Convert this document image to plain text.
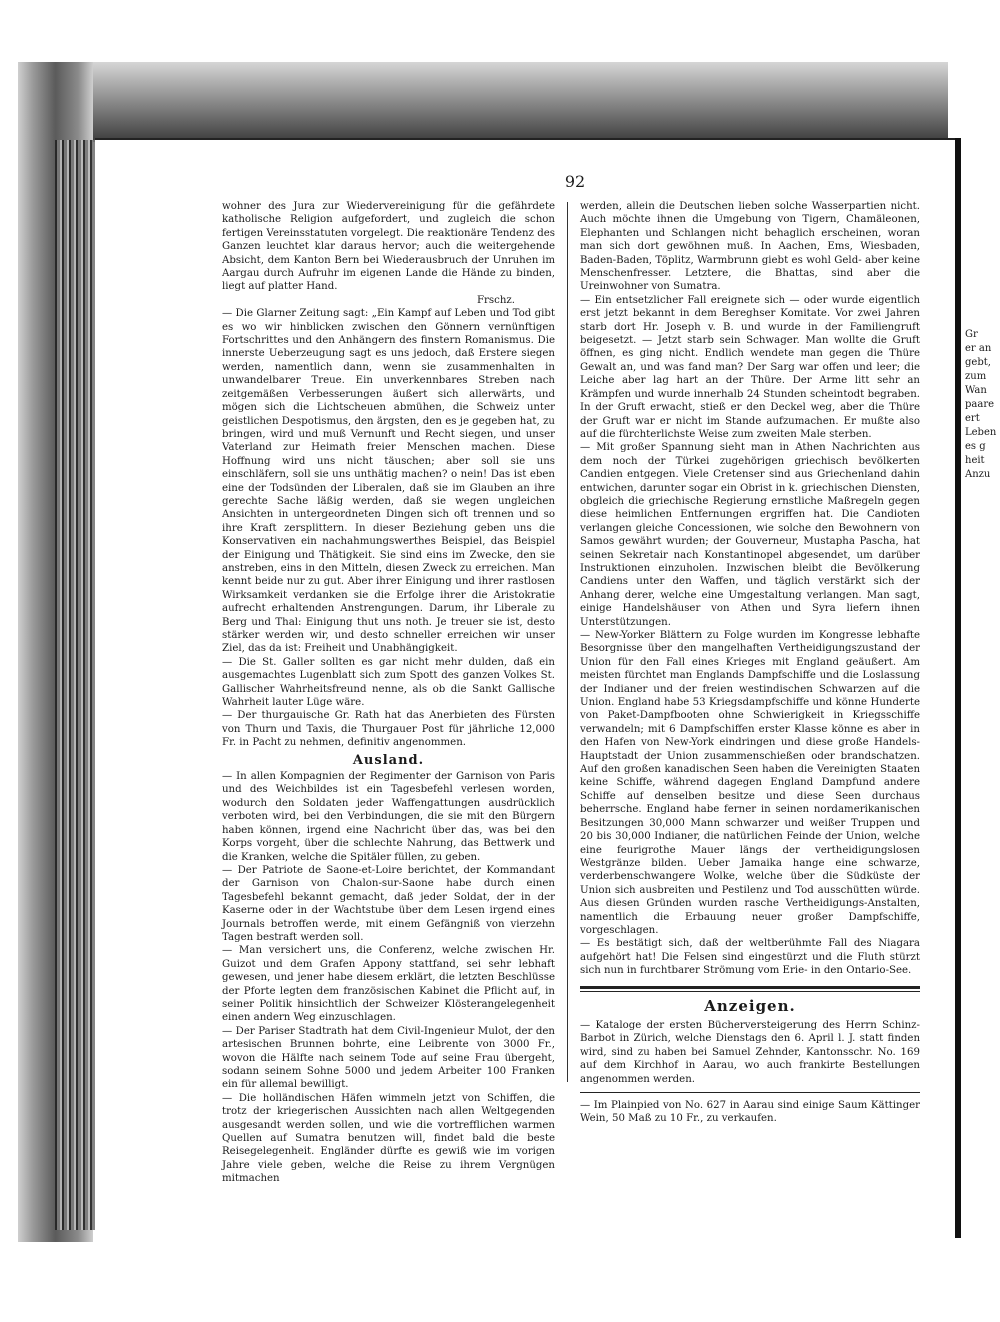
Gr
er an
gebt,
zum
Wan
paare
ert
Leben
es g
heit
Anzu
92

wohner des Jura zur Wiedervereinigung für die gefährdete katholische Religion aufgefordert, und zugleich die schon fertigen Vereinsstatuten vorgelegt. Die reaktionäre Tendenz des Ganzen leuchtet klar daraus hervor; auch die weitergehende Absicht, dem Kanton Bern bei Wiederausbruch der Unruhen im Aargau durch Aufruhr im eigenen Lande die Hände zu binden, liegt auf platter Hand.

Frschz.

— Die Glarner Zeitung sagt: „Ein Kampf auf Leben und Tod gibt es wo wir hinblicken zwischen den Gönnern vernünftigen Fortschrittes und den Anhängern des finstern Romanismus. Die innerste Ueberzeugung sagt es uns jedoch, daß Erstere siegen werden, namentlich dann, wenn sie zusammenhalten in unwandelbarer Treue. Ein unverkennbares Streben nach zeitgemäßen Verbesserungen äußert sich allerwärts, und mögen sich die Lichtscheuen abmühen, die Schweiz unter geistlichen Despotismus, den ärgsten, den es je gegeben hat, zu bringen, wird und muß Vernunft und Recht siegen, und unser Vaterland zur Heimath freier Menschen machen. Diese Hoffnung wird uns nicht täuschen; aber soll sie uns einschläfern, soll sie uns unthätig machen? o nein! Das ist eben eine der Todsünden der Liberalen, daß sie im Glauben an ihre gerechte Sache läßig werden, daß sie wegen ungleichen Ansichten in untergeordneten Dingen sich oft trennen und so ihre Kraft zersplittern. In dieser Beziehung geben uns die Konservativen ein nachahmungswerthes Beispiel, das Beispiel der Einigung und Thätigkeit. Sie sind eins im Zwecke, den sie anstreben, eins in den Mitteln, diesen Zweck zu erreichen. Man kennt beide nur zu gut. Aber ihrer Einigung und ihrer rastlosen Wirksamkeit verdanken sie die Erfolge ihrer die Aristokratie aufrecht erhaltenden Anstrengungen. Darum, ihr Liberale zu Berg und Thal: Einigung thut uns noth. Je treuer sie ist, desto stärker werden wir, und desto schneller erreichen wir unser Ziel, das da ist: Freiheit und Unabhängigkeit.

— Die St. Galler sollten es gar nicht mehr dulden, daß ein ausgemachtes Lugenblatt sich zum Spott des ganzen Volkes St. Gallischer Wahrheitsfreund nenne, als ob die Sankt Gallische Wahrheit lauter Lüge wäre.

— Der thurgauische Gr. Rath hat das Anerbieten des Fürsten von Thurn und Taxis, die Thurgauer Post für jährliche 12,000 Fr. in Pacht zu nehmen, definitiv angenommen.

Ausland.

— In allen Kompagnien der Regimenter der Garnison von Paris und des Weichbildes ist ein Tagesbefehl verlesen worden, wodurch den Soldaten jeder Waffengattungen ausdrücklich verboten wird, bei den Verbindungen, die sie mit den Bürgern haben können, irgend eine Nachricht über das, was bei den Korps vorgeht, über die schlechte Nahrung, das Bettwerk und die Kranken, welche die Spitäler füllen, zu geben.

— Der Patriote de Saone-et-Loire berichtet, der Kommandant der Garnison von Chalon-sur-Saone habe durch einen Tagesbefehl bekannt gemacht, daß jeder Soldat, der in der Kaserne oder in der Wachtstube über dem Lesen irgend eines Journals betroffen werde, mit einem Gefängniß von vierzehn Tagen bestraft werden soll.

— Man versichert uns, die Conferenz, welche zwischen Hr. Guizot und dem Grafen Appony stattfand, sei sehr lebhaft gewesen, und jener habe diesem erklärt, die letzten Beschlüsse der Pforte legten dem französischen Kabinet die Pflicht auf, in seiner Politik hinsichtlich der Schweizer Klösterangelegenheit einen andern Weg einzuschlagen.

— Der Pariser Stadtrath hat dem Civil-Ingenieur Mulot, der den artesischen Brunnen bohrte, eine Leibrente von 3000 Fr., wovon die Hälfte nach seinem Tode auf seine Frau übergeht, sodann seinem Sohne 5000 und jedem Arbeiter 100 Franken ein für allemal bewilligt.

— Die holländischen Häfen wimmeln jetzt von Schiffen, die trotz der kriegerischen Aussichten nach allen Weltgegenden ausgesandt werden sollen, und wie die vortrefflichen warmen Quellen auf Sumatra benutzen will, findet bald die beste Reisegelegenheit. Engländer dürfte es gewiß wie im vorigen Jahre viele geben, welche die Reise zu ihrem Vergnügen mitmachen

werden, allein die Deutschen lieben solche Wasserpartien nicht. Auch möchte ihnen die Umgebung von Tigern, Chamäleonen, Elephanten und Schlangen nicht behaglich erscheinen, woran man sich dort gewöhnen muß. In Aachen, Ems, Wiesbaden, Baden-Baden, Töplitz, Warmbrunn giebt es wohl Geld- aber keine Menschenfresser. Letztere, die Bhattas, sind aber die Ureinwohner von Sumatra.

— Ein entsetzlicher Fall ereignete sich — oder wurde eigentlich erst jetzt bekannt in dem Bereghser Komitate. Vor zwei Jahren starb dort Hr. Joseph v. B. und wurde in der Familiengruft beigesetzt. — Jetzt starb sein Schwager. Man wollte die Gruft öffnen, es ging nicht. Endlich wendete man gegen die Thüre Gewalt an, und was fand man? Der Sarg war offen und leer; die Leiche aber lag hart an der Thüre. Der Arme litt sehr an Krämpfen und wurde innerhalb 24 Stunden scheintodt begraben. In der Gruft erwacht, stieß er den Deckel weg, aber die Thüre der Gruft war er nicht im Stande aufzumachen. Er mußte also auf die fürchterlichste Weise zum zweiten Male sterben.

— Mit großer Spannung sieht man in Athen Nachrichten aus dem noch der Türkei zugehörigen griechisch bevölkerten Candien entgegen. Viele Cretenser sind aus Griechenland dahin entwichen, darunter sogar ein Obrist in k. griechischen Diensten, obgleich die griechische Regierung ernstliche Maßregeln gegen diese heimlichen Entfernungen ergriffen hat. Die Candioten verlangen gleiche Concessionen, wie solche den Bewohnern von Samos gewährt wurden; der Gouverneur, Mustapha Pascha, hat seinen Sekretair nach Konstantinopel abgesendet, um darüber Instruktionen einzuholen. Inzwischen bleibt die Bevölkerung Candiens unter den Waffen, und täglich verstärkt sich der Anhang derer, welche eine Umgestaltung verlangen. Man sagt, einige Handelshäuser von Athen und Syra liefern ihnen Unterstützungen.

— New-Yorker Blättern zu Folge wurden im Kongresse lebhafte Besorgnisse über den mangelhaften Vertheidigungszustand der Union für den Fall eines Krieges mit England geäußert. Am meisten fürchtet man Englands Dampfschiffe und die Loslassung der Indianer und der freien westindischen Schwarzen auf die Union. England habe 53 Kriegsdampfschiffe und könne Hunderte von Paket-Dampfbooten ohne Schwierigkeit in Kriegsschiffe verwandeln; mit 6 Dampfschiffen erster Klasse könne es aber in den Hafen von New-York eindringen und diese große Handels-Hauptstadt der Union zusammenschießen oder brandschatzen. Auf den großen kanadischen Seen haben die Vereinigten Staaten keine Schiffe, während dagegen England Dampfund andere Schiffe auf denselben besitze und diese Seen durchaus beherrsche. England habe ferner in seinen nordamerikanischen Besitzungen 30,000 Mann schwarzer und weißer Truppen und 20 bis 30,000 Indianer, die natürlichen Feinde der Union, welche eine feurigrothe Mauer längs der vertheidigungslosen Westgränze bilden. Ueber Jamaika hange eine schwarze, verderbenschwangere Wolke, welche über die Südküste der Union sich ausbreiten und Pestilenz und Tod ausschütten würde. Aus diesen Gründen wurden rasche Vertheidigungs-Anstalten, namentlich die Erbauung neuer großer Dampfschiffe, vorgeschlagen.

— Es bestätigt sich, daß der weltberühmte Fall des Niagara aufgehört hat! Die Felsen sind eingestürzt und die Fluth stürzt sich nun in furchtbarer Strömung vom Erie- in den Ontario-See.

Anzeigen.

— Kataloge der ersten Bücherversteigerung des Herrn Schinz-Barbot in Zürich, welche Dienstags den 6. April l. J. statt finden wird, sind zu haben bei Samuel Zehnder, Kantonsschr. No. 169 auf dem Kirchhof in Aarau, wo auch frankirte Bestellungen angenommen werden.

— Im Plainpied von No. 627 in Aarau sind einige Saum Kättinger Wein, 50 Maß zu 10 Fr., zu verkaufen.
